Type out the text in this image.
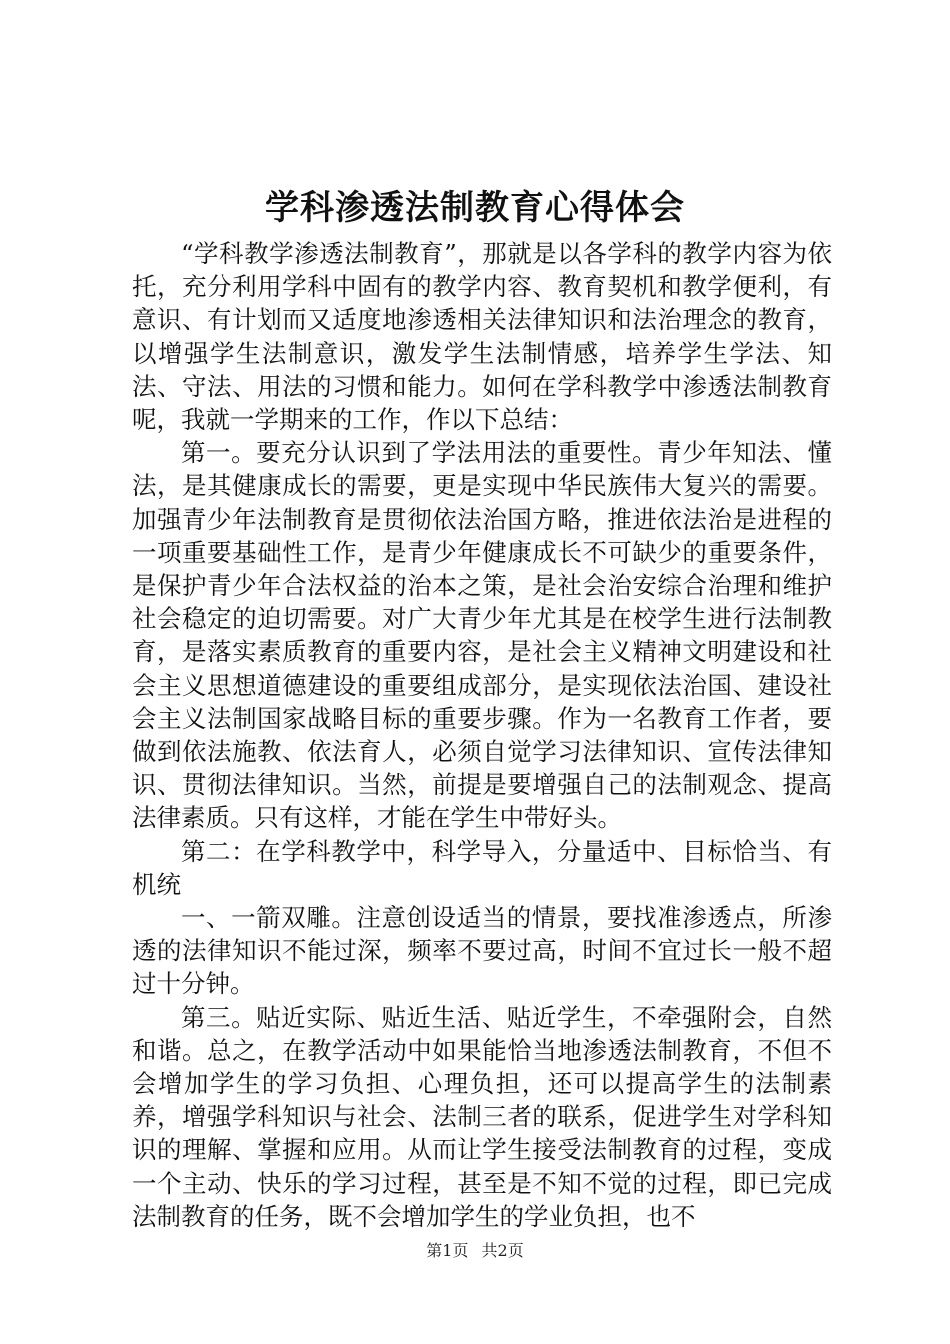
学科渗透法制教育心得体会

“学科教学渗透法制教育”，那就是以各学科的教学内容为依托，充分利用学科中固有的教学内容、教育契机和教学便利，有意识、有计划而又适度地渗透相关法律知识和法治理念的教育，以增强学生法制意识，激发学生法制情感，培养学生学法、知法、守法、用法的习惯和能力。如何在学科教学中渗透法制教育呢，我就一学期来的工作，作以下总结：

第一。要充分认识到了学法用法的重要性。青少年知法、懂法，是其健康成长的需要，更是实现中华民族伟大复兴的需要。加强青少年法制教育是贯彻依法治国方略，推进依法治是进程的一项重要基础性工作，是青少年健康成长不可缺少的重要条件，是保护青少年合法权益的治本之策，是社会治安综合治理和维护社会稳定的迫切需要。对广大青少年尤其是在校学生进行法制教育，是落实素质教育的重要内容，是社会主义精神文明建设和社会主义思想道德建设的重要组成部分，是实现依法治国、建设社会主义法制国家战略目标的重要步骤。作为一名教育工作者，要做到依法施教、依法育人，必须自觉学习法律知识、宣传法律知识、贯彻法律知识。当然，前提是要增强自己的法制观念、提高法律素质。只有这样，才能在学生中带好头。

第二：在学科教学中，科学导入，分量适中、目标恰当、有机统

一、一箭双雕。注意创设适当的情景，要找准渗透点，所渗透的法律知识不能过深，频率不要过高，时间不宜过长一般不超过十分钟。

第三。贴近实际、贴近生活、贴近学生，不牵强附会，自然和谐。总之，在教学活动中如果能恰当地渗透法制教育，不但不会增加学生的学习负担、心理负担，还可以提高学生的法制素养，增强学科知识与社会、法制三者的联系，促进学生对学科知识的理解、掌握和应用。从而让学生接受法制教育的过程，变成一个主动、快乐的学习过程，甚至是不知不觉的过程，即已完成法制教育的任务，既不会增加学生的学业负担，也不

第1页 共2页
